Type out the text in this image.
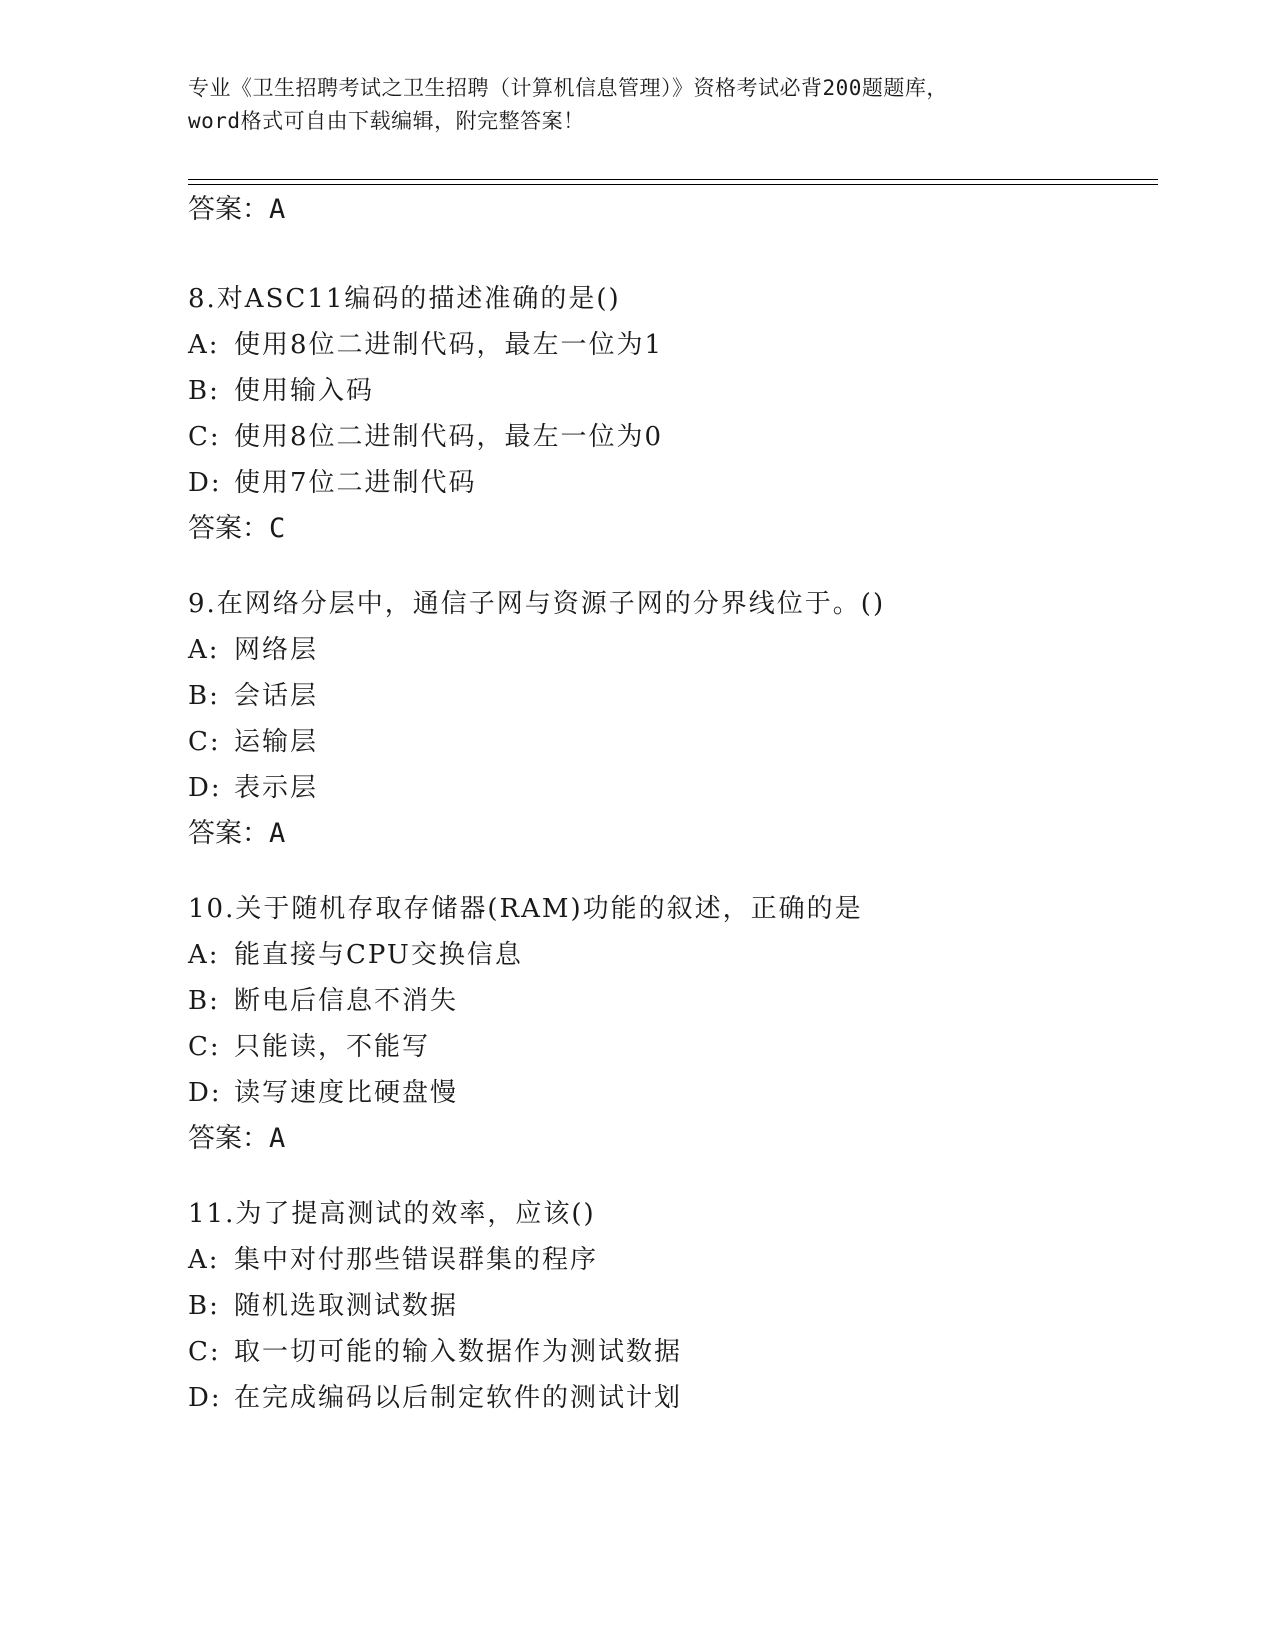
专业《卫生招聘考试之卫生招聘（计算机信息管理）》资格考试必背200题题库，
word格式可自由下载编辑，附完整答案！
答案：A
8.对ASC11编码的描述准确的是()
A: 使用8位二进制代码，最左一位为1
B: 使用输入码
C: 使用8位二进制代码，最左一位为0
D: 使用7位二进制代码
答案：C
9.在网络分层中，通信子网与资源子网的分界线位于。()
A: 网络层
B: 会话层
C: 运输层
D: 表示层
答案：A
10.关于随机存取存储器(RAM)功能的叙述，正确的是
A: 能直接与CPU交换信息
B: 断电后信息不消失
C: 只能读，不能写
D: 读写速度比硬盘慢
答案：A
11.为了提高测试的效率，应该()
A: 集中对付那些错误群集的程序
B: 随机选取测试数据
C: 取一切可能的输入数据作为测试数据
D: 在完成编码以后制定软件的测试计划
